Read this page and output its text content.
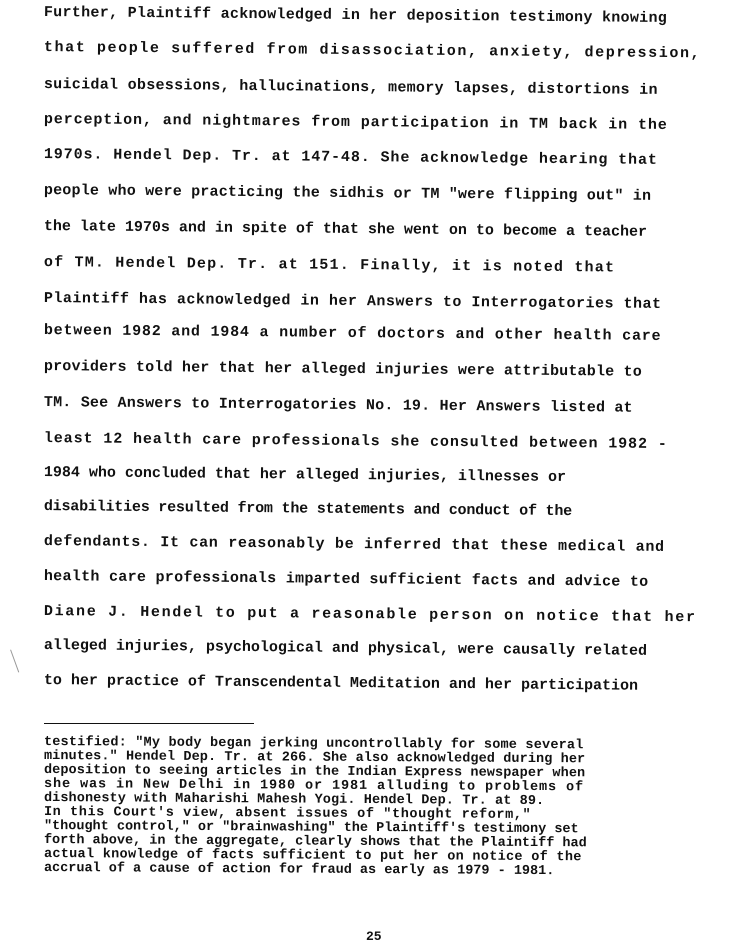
Further, Plaintiff acknowledged in her deposition testimony knowing
that people suffered from disassociation, anxiety, depression,
suicidal obsessions, hallucinations, memory lapses, distortions in
perception, and nightmares from participation in TM back in the
1970s. Hendel Dep. Tr. at 147-48. She acknowledge hearing that
people who were practicing the sidhis or TM "were flipping out" in
the late 1970s and in spite of that she went on to become a teacher
of TM. Hendel Dep. Tr. at 151. Finally, it is noted that
Plaintiff has acknowledged in her Answers to Interrogatories that
between 1982 and 1984 a number of doctors and other health care
providers told her that her alleged injuries were attributable to
TM. See Answers to Interrogatories No. 19. Her Answers listed at
least 12 health care professionals she consulted between 1982 -
1984 who concluded that her alleged injuries, illnesses or
disabilities resulted from the statements and conduct of the
defendants. It can reasonably be inferred that these medical and
health care professionals imparted sufficient facts and advice to
Diane J. Hendel to put a reasonable person on notice that her
alleged injuries, psychological and physical, were causally related
to her practice of Transcendental Meditation and her participation
testified: "My body began jerking uncontrollably for some several
minutes." Hendel Dep. Tr. at 266. She also acknowledged during her
deposition to seeing articles in the Indian Express newspaper when
she was in New Delhi in 1980 or 1981 alluding to problems of
dishonesty with Maharishi Mahesh Yogi. Hendel Dep. Tr. at 89.
In this Court's view, absent issues of "thought reform,"
"thought control," or "brainwashing" the Plaintiff's testimony set
forth above, in the aggregate, clearly shows that the Plaintiff had
actual knowledge of facts sufficient to put her on notice of the
accrual of a cause of action for fraud as early as 1979 - 1981.
25
